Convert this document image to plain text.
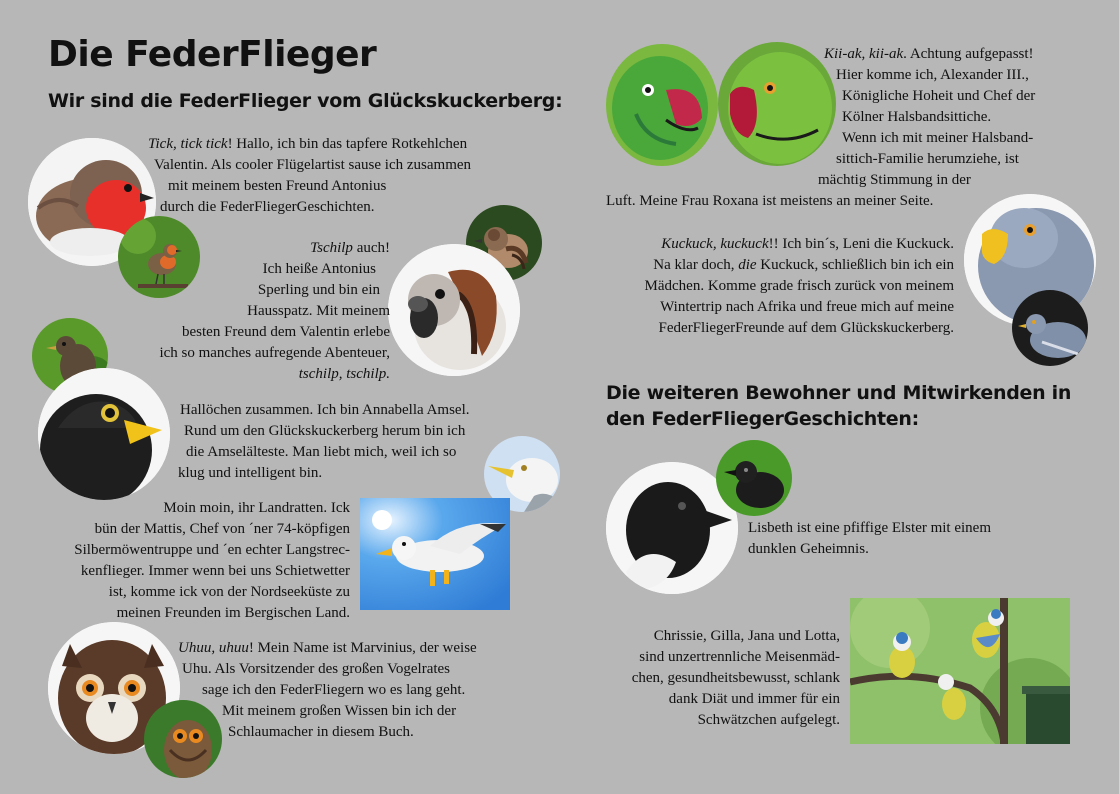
Die FederFlieger
Wir sind die FederFlieger vom Glückskuckerberg:
Tick, tick tick! Hallo, ich bin das tapfere Rotkehlchen
Valentin. Als cooler Flügelartist sause ich zusammen
mit meinem besten Freund Antonius
durch die FederFliegerGeschichten.
Tschilp auch!
Ich heiße Antonius
Sperling und bin ein
Hausspatz. Mit meinem
besten Freund dem Valentin erlebe
ich so manches aufregende Abenteuer,
tschilp, tschilp.
Hallöchen zusammen. Ich bin Annabella Amsel.
Rund um den Glückskuckerberg herum bin ich
die Amselälteste. Man liebt mich, weil ich so
klug und intelligent bin.
Moin moin, ihr Landratten. Ick
bün der Mattis, Chef von ´ner 74-köpfigen
Silbermöwentruppe und ´en echter Langstrec-
kenflieger. Immer wenn bei uns Schietwetter
ist, komme ick von der Nordseeküste zu
meinen Freunden im Bergischen Land.
Uhuu, uhuu! Mein Name ist Marvinius, der weise
Uhu. Als Vorsitzender des großen Vogelrates
sage ich den FederFliegern wo es lang geht.
Mit meinem großen Wissen bin ich der
Schlaumacher in diesem Buch.
Kii-ak, kii-ak. Achtung aufgepasst!
Hier komme ich, Alexander III.,
Königliche Hoheit und Chef der
Kölner Halsbandsittiche.
Wenn ich mit meiner Halsband-
sittich-Familie herumziehe, ist
mächtig Stimmung in der
Luft. Meine Frau Roxana ist meistens an meiner Seite.
Kuckuck, kuckuck!! Ich bin´s, Leni die Kuckuck.
Na klar doch, die Kuckuck, schließlich bin ich ein
Mädchen. Komme grade frisch zurück von meinem
Wintertrip nach Afrika und freue mich auf meine
FederFliegerFreunde auf dem Glückskuckerberg.
Die weiteren Bewohner und Mitwirkenden in
den FederFliegerGeschichten:
Lisbeth ist eine pfiffige Elster mit einem
dunklen Geheimnis.
Chrissie, Gilla, Jana und Lotta,
sind unzertrennliche Meisenmäd-
chen, gesundheitsbewusst, schlank
dank Diät und immer für ein
Schwätzchen aufgelegt.
